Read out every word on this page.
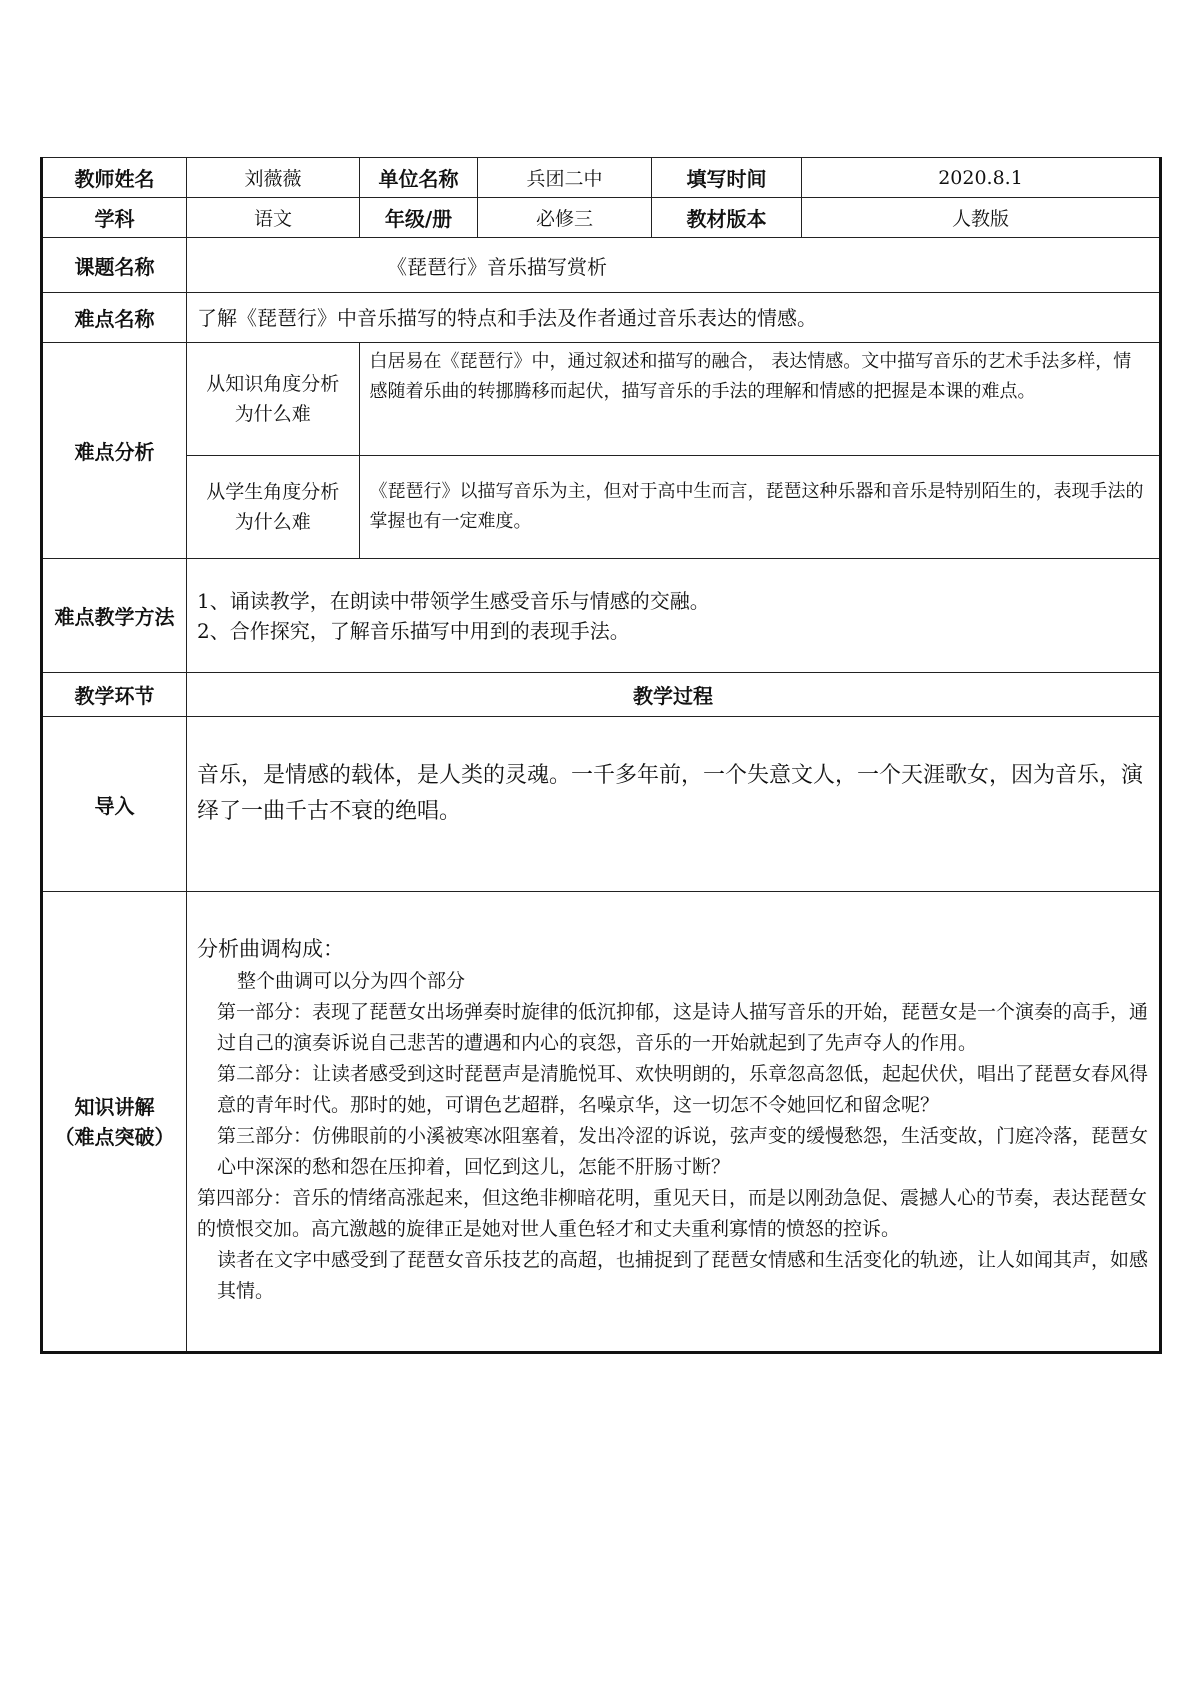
教师姓名	刘薇薇	单位名称	兵团二中	填写时间	2020.8.1
学科	语文	年级/册	必修三	教材版本	人教版
课题名称	《琵琶行》音乐描写赏析
难点名称	了解《琵琶行》中音乐描写的特点和手法及作者通过音乐表达的情感。
难点分析	
从知识角度分析为什么难	白居易在《琵琶行》中，通过叙述和描写的融合， 表达情感。文中描写音乐的艺术手法多样，情感随着乐曲的转挪腾移而起伏，描写音乐的手法的理解和情感的把握是本课的难点。
从学生角度分析为什么难	《琵琶行》以描写音乐为主，但对于高中生而言，琵琶这种乐器和音乐是特别陌生的，表现手法的掌握也有一定难度。

难点教学方法	
1、诵读教学，在朗读中带领学生感受音乐与情感的交融。
2、合作探究，了解音乐描写中用到的表现手法。

教学环节	教学过程
导入	音乐，是情感的载体，是人类的灵魂。一千多年前，一个失意文人，一个天涯歌女，因为音乐，演绎了一曲千古不衰的绝唱。

知识讲解
（难点突破）

分析曲调构成：

整个曲调可以分为四个部分

第一部分：表现了琵琶女出场弹奏时旋律的低沉抑郁，这是诗人描写音乐的开始，琵琶女是一个演奏的高手，通过自己的演奏诉说自己悲苦的遭遇和内心的哀怨，音乐的一开始就起到了先声夺人的作用。

第二部分：让读者感受到这时琵琶声是清脆悦耳、欢快明朗的，乐章忽高忽低，起起伏伏，唱出了琵琶女春风得意的青年时代。那时的她，可谓色艺超群，名噪京华，这一切怎不令她回忆和留念呢？

第三部分：仿佛眼前的小溪被寒冰阻塞着，发出冷涩的诉说，弦声变的缓慢愁怨，生活变故，门庭冷落，琵琶女心中深深的愁和怨在压抑着，回忆到这儿，怎能不肝肠寸断？

第四部分：音乐的情绪高涨起来，但这绝非柳暗花明，重见天日，而是以刚劲急促、震撼人心的节奏，表达琵琶女的愤恨交加。高亢激越的旋律正是她对世人重色轻才和丈夫重利寡情的愤怒的控诉。

读者在文字中感受到了琵琶女音乐技艺的高超，也捕捉到了琵琶女情感和生活变化的轨迹，让人如闻其声，如感其情。
